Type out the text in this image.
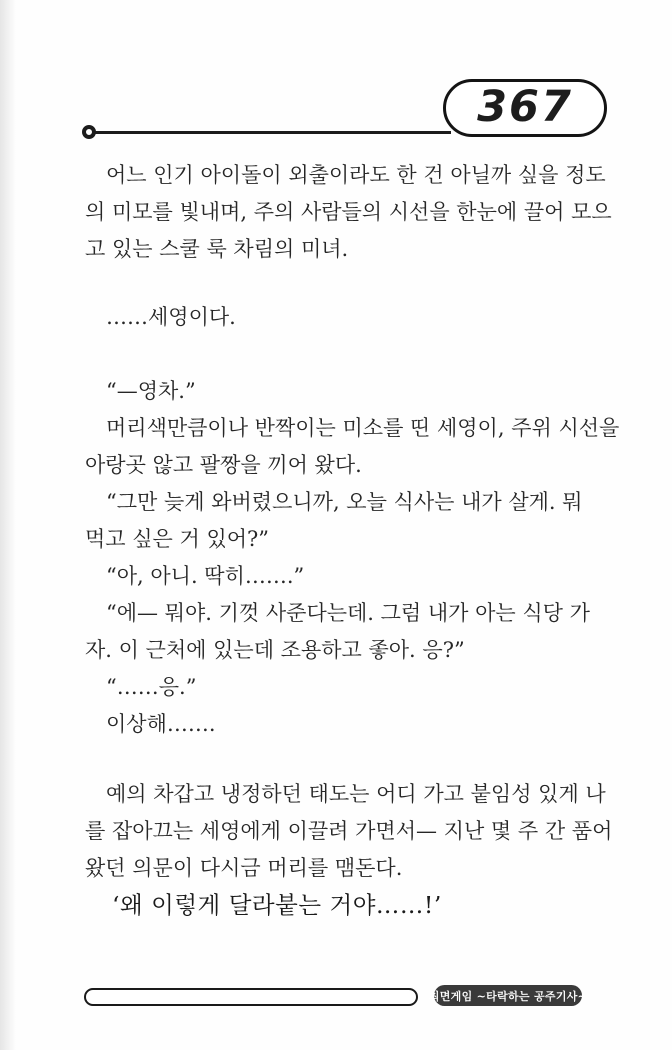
367
어느 인기 아이돌이 외출이라도 한 건 아닐까 싶을 정도
의 미모를 빛내며, 주의 사람들의 시선을 한눈에 끌어 모으
고 있는 스쿨 룩 차림의 미녀.
……세영이다.
“—영차.”
머리색만큼이나 반짝이는 미소를 띤 세영이, 주위 시선을
아랑곳 않고 팔짱을 끼어 왔다.
“그만 늦게 와버렸으니까, 오늘 식사는 내가 살게. 뭐
먹고 싶은 거 있어?”
“아, 아니. 딱히…….”
“에— 뭐야. 기껏 사준다는데. 그럼 내가 아는 식당 가
자. 이 근처에 있는데 조용하고 좋아. 응?”
“……응.”
이상해…….
예의 차갑고 냉정하던 태도는 어디 가고 붙임성 있게 나
를 잡아끄는 세영에게 이끌려 가면서— 지난 몇 주 간 품어
왔던 의문이 다시금 머리를 맴돈다.
‘왜 이렇게 달라붙는 거야……!’
최면게임 ~타락하는 공주기사~
